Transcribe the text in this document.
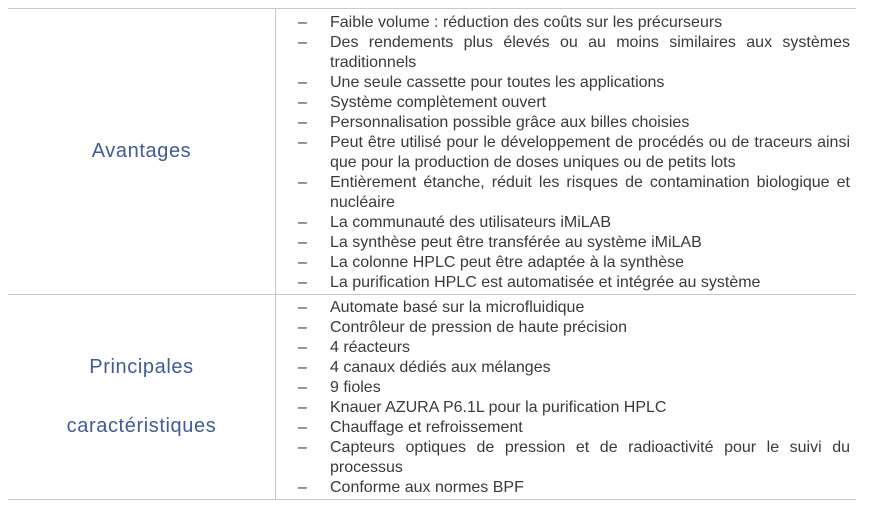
Avantages
– Faible volume : réduction des coûts sur les précurseurs
– Des rendements plus élevés ou au moins similaires aux systèmes traditionnels
– Une seule cassette pour toutes les applications
– Système complètement ouvert
– Personnalisation possible grâce aux billes choisies
– Peut être utilisé pour le développement de procédés ou de traceurs ainsi que pour la production de doses uniques ou de petits lots
– Entièrement étanche, réduit les risques de contamination biologique et nucléaire
– La communauté des utilisateurs iMiLAB
– La synthèse peut être transférée au système iMiLAB
– La colonne HPLC peut être adaptée à la synthèse
– La purification HPLC est automatisée et intégrée au système
Principales
caractéristiques
– Automate basé sur la microfluidique
– Contrôleur de pression de haute précision
– 4 réacteurs
– 4 canaux dédiés aux mélanges
– 9 fioles
– Knauer AZURA P6.1L pour la purification HPLC
– Chauffage et refroissement
– Capteurs optiques de pression et de radioactivité pour le suivi du processus
– Conforme aux normes BPF
